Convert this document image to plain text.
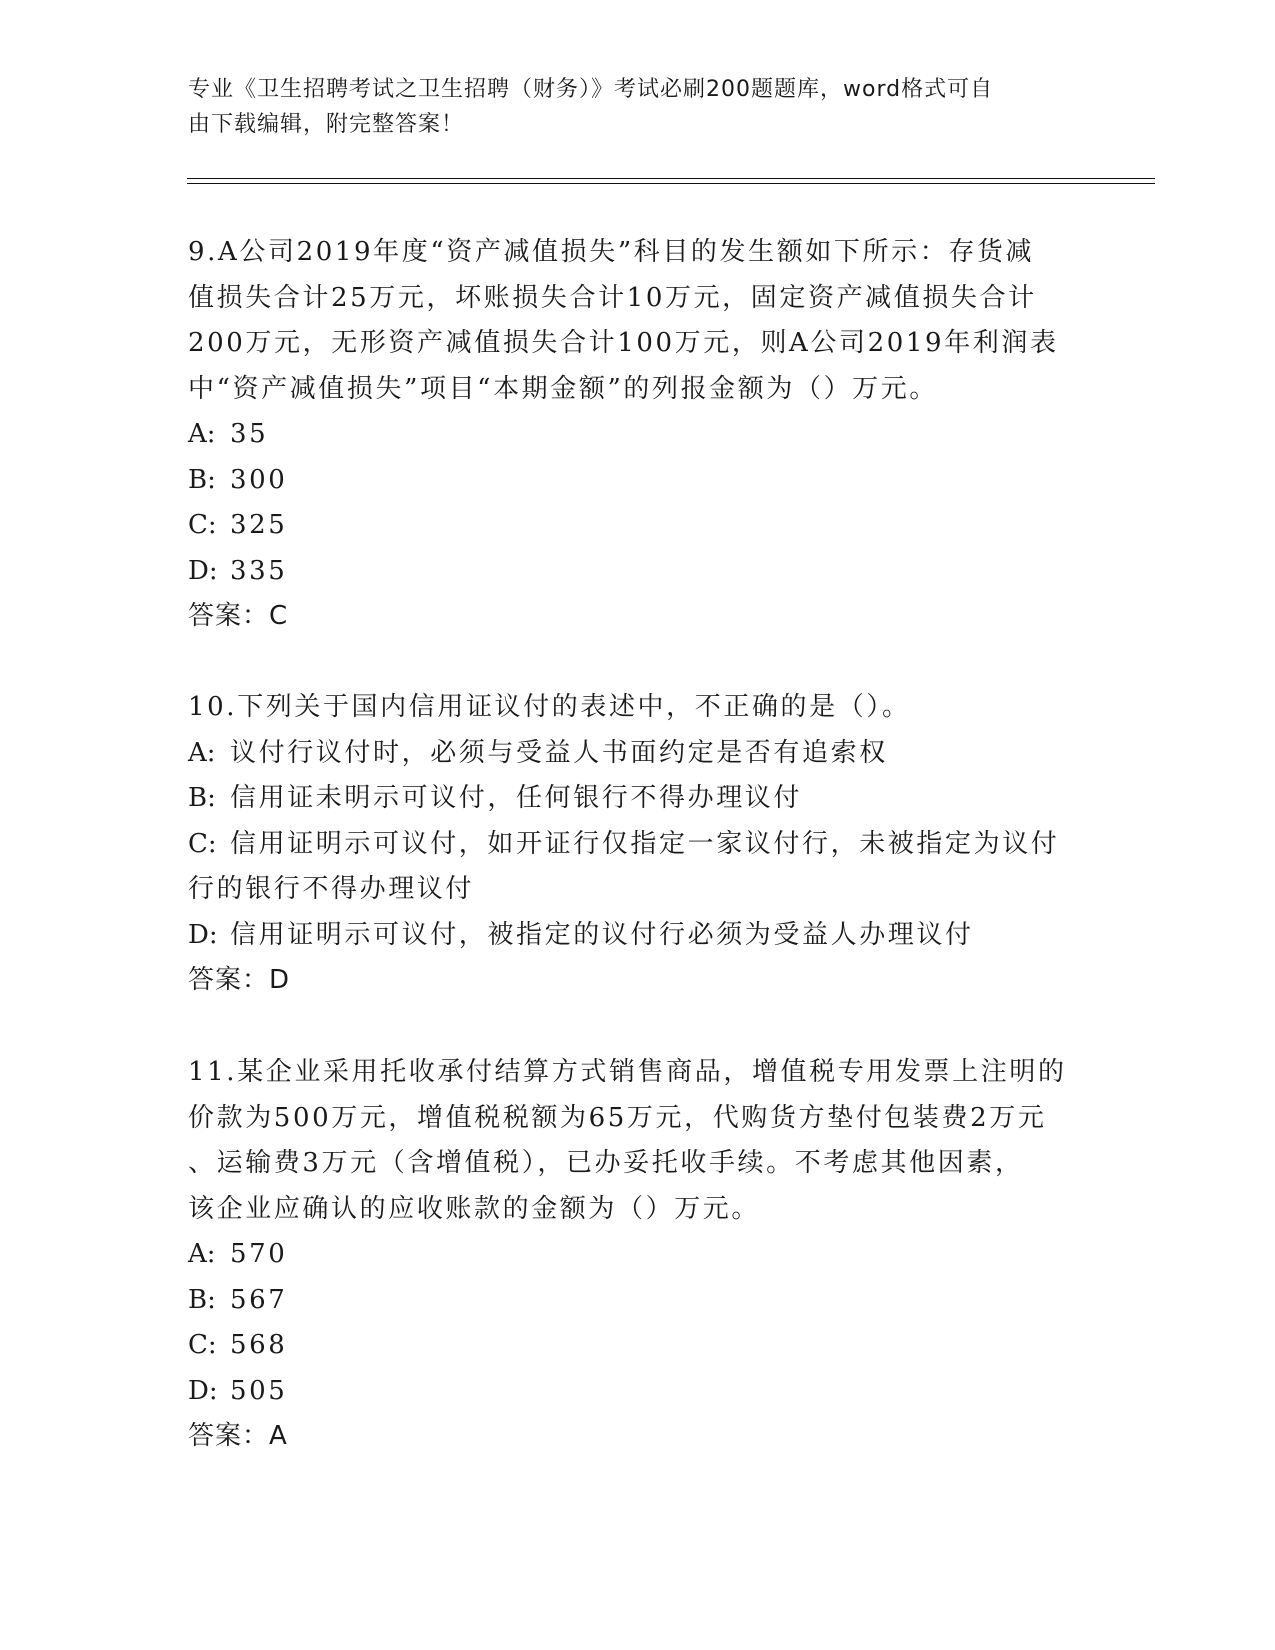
专业《卫生招聘考试之卫生招聘（财务）》考试必刷200题题库，word格式可自
由下载编辑，附完整答案！
9.A公司2019年度“资产减值损失”科目的发生额如下所示：存货减
值损失合计25万元，坏账损失合计10万元，固定资产减值损失合计
200万元，无形资产减值损失合计100万元，则A公司2019年利润表
中“资产减值损失”项目“本期金额”的列报金额为（）万元。
A: 35
B: 300
C: 325
D: 335
答案：C
10.下列关于国内信用证议付的表述中，不正确的是（）。
A: 议付行议付时，必须与受益人书面约定是否有追索权
B: 信用证未明示可议付，任何银行不得办理议付
C: 信用证明示可议付，如开证行仅指定一家议付行，未被指定为议付
行的银行不得办理议付
D: 信用证明示可议付，被指定的议付行必须为受益人办理议付
答案：D
11.某企业采用托收承付结算方式销售商品，增值税专用发票上注明的
价款为500万元，增值税税额为65万元，代购货方垫付包装费2万元
、运输费3万元（含增值税），已办妥托收手续。不考虑其他因素，
该企业应确认的应收账款的金额为（）万元。
A: 570
B: 567
C: 568
D: 505
答案：A
